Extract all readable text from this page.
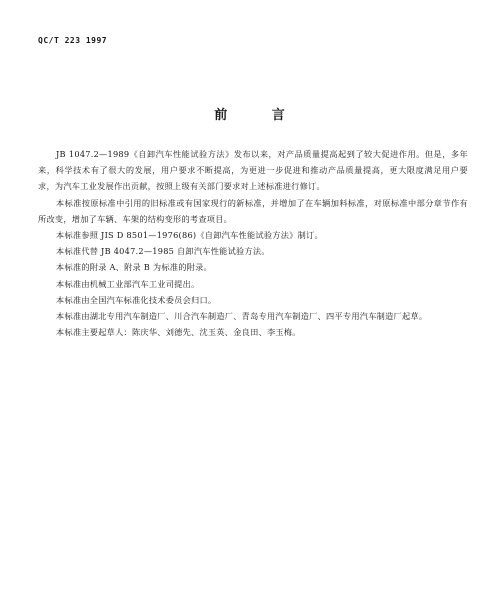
QC/T 223 1997
前 言

JB 1047.2—1989《自卸汽车性能试验方法》发布以来，对产品质量提高起到了较大促进作用。但是，多年来，科学技术有了很大的发展，用户要求不断提高，为更进一步促进和推动产品质量提高，更大限度满足用户要求，为汽车工业发展作出贡献，按照上级有关部门要求对上述标准进行修订。

本标准按原标准中引用的旧标准或有国家现行的新标准，并增加了在车辆加料标准，对原标准中部分章节作有所改变，增加了车辆、车架的结构变形的考查项目。

本标准参照 JIS D 8501—1976(86)《自卸汽车性能试验方法》制订。

本标准代替 JB 4047.2—1985 自卸汽车性能试验方法。

本标准的附录 A、附录 B 为标准的附录。

本标准由机械工业部汽车工业司提出。

本标准由全国汽车标准化技术委员会归口。

本标准由湖北专用汽车制造厂、川合汽车制造厂、青岛专用汽车制造厂、四平专用汽车制造厂起草。

本标准主要起草人：陈庆华、刘德先、沈玉英、金良田、李玉梅。
